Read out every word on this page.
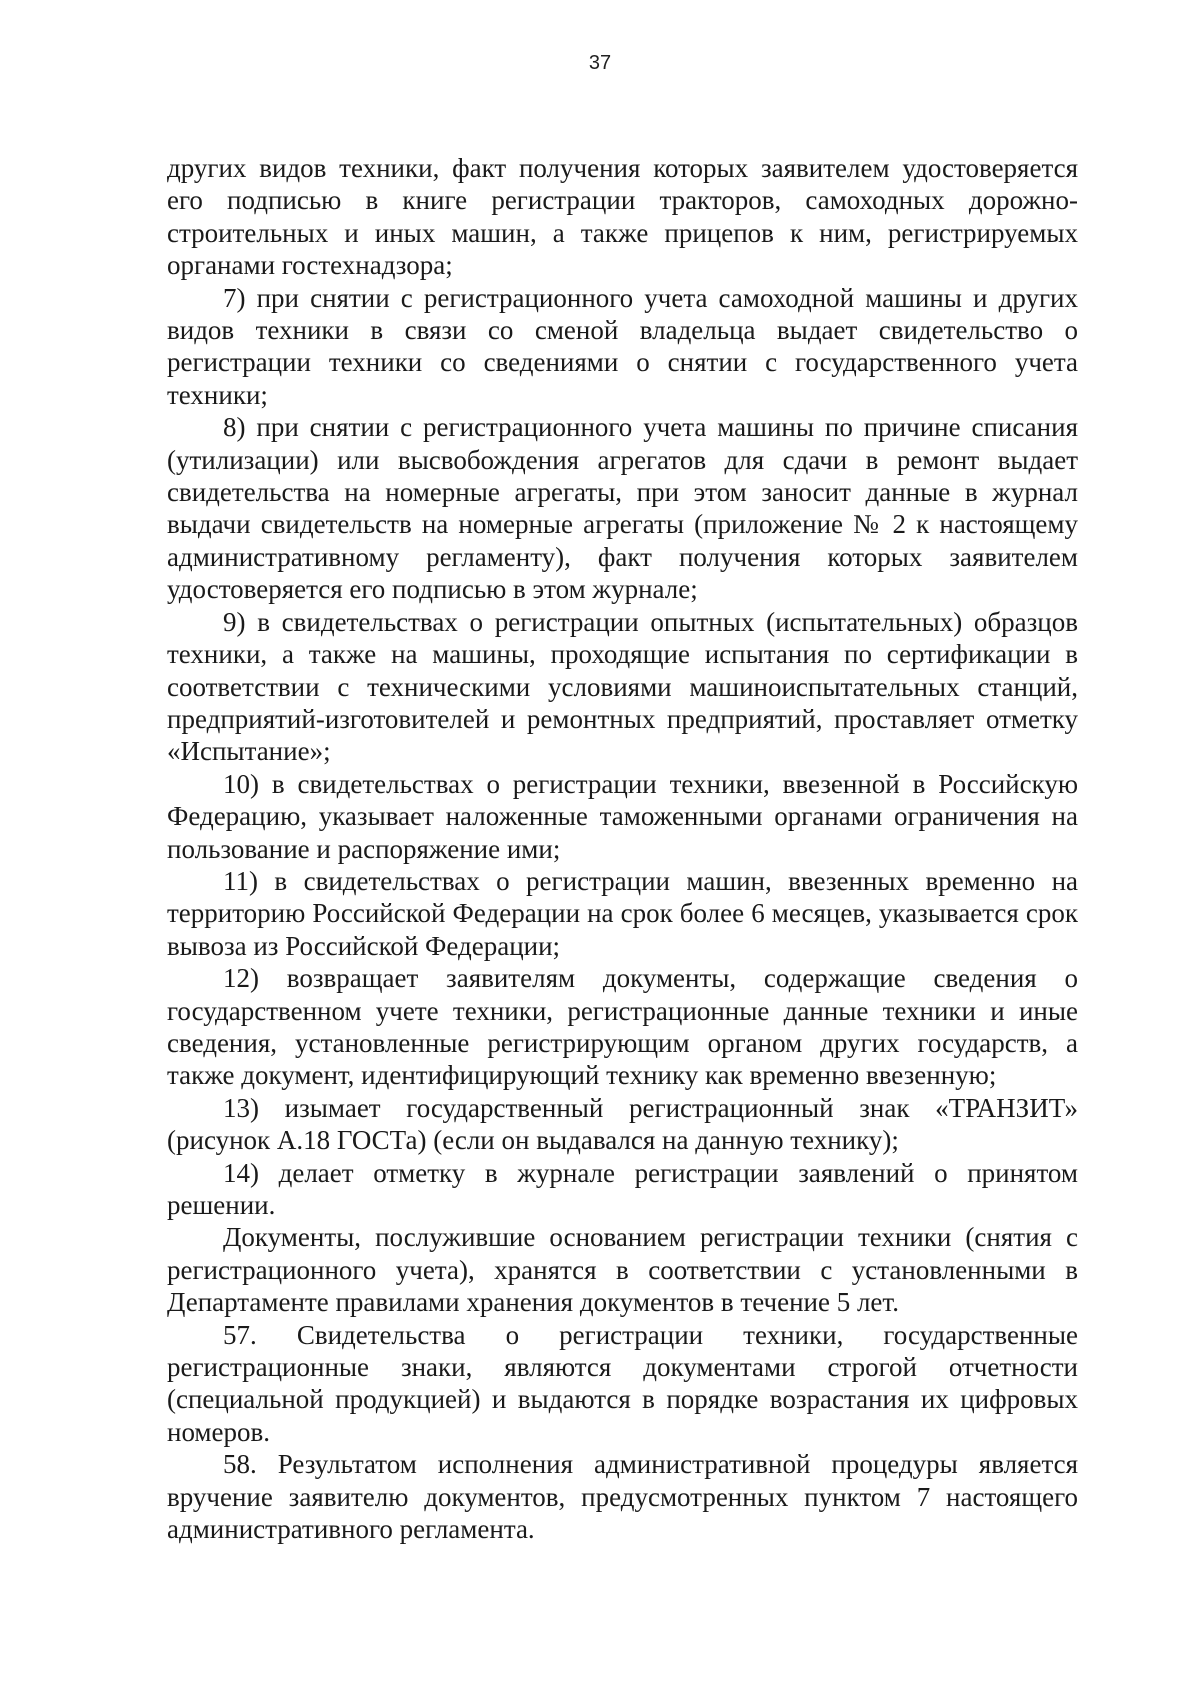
37

других видов техники, факт получения которых заявителем удостоверяется его подписью в книге регистрации тракторов, самоходных дорожно-строительных и иных машин, а также прицепов к ним, регистрируемых органами гостехнадзора;

7) при снятии с регистрационного учета самоходной машины и других видов техники в связи со сменой владельца выдает свидетельство о регистрации техники со сведениями о снятии с государственного учета техники;

8) при снятии с регистрационного учета машины по причине списания (утилизации) или высвобождения агрегатов для сдачи в ремонт выдает свидетельства на номерные агрегаты, при этом заносит данные в журнал выдачи свидетельств на номерные агрегаты (приложение № 2 к настоящему административному регламенту), факт получения которых заявителем удостоверяется его подписью в этом журнале;

9) в свидетельствах о регистрации опытных (испытательных) образцов техники, а также на машины, проходящие испытания по сертификации в соответствии с техническими условиями машиноиспытательных станций, предприятий-изготовителей и ремонтных предприятий, проставляет отметку «Испытание»;

10) в свидетельствах о регистрации техники, ввезенной в Российскую Федерацию, указывает наложенные таможенными органами ограничения на пользование и распоряжение ими;

11) в свидетельствах о регистрации машин, ввезенных временно на территорию Российской Федерации на срок более 6 месяцев, указывается срок вывоза из Российской Федерации;

12) возвращает заявителям документы, содержащие сведения о государственном учете техники, регистрационные данные техники и иные сведения, установленные регистрирующим органом других государств, а также документ, идентифицирующий технику как временно ввезенную;

13) изымает государственный регистрационный знак «ТРАНЗИТ» (рисунок А.18 ГОСТа) (если он выдавался на данную технику);

14) делает отметку в журнале регистрации заявлений о принятом решении.

Документы, послужившие основанием регистрации техники (снятия с регистрационного учета), хранятся в соответствии с установленными в Департаменте правилами хранения документов в течение 5 лет.

57. Свидетельства о регистрации техники, государственные регистрационные знаки, являются документами строгой отчетности (специальной продукцией) и выдаются в порядке возрастания их цифровых номеров.

58. Результатом исполнения административной процедуры является вручение заявителю документов, предусмотренных пунктом 7 настоящего административного регламента.
